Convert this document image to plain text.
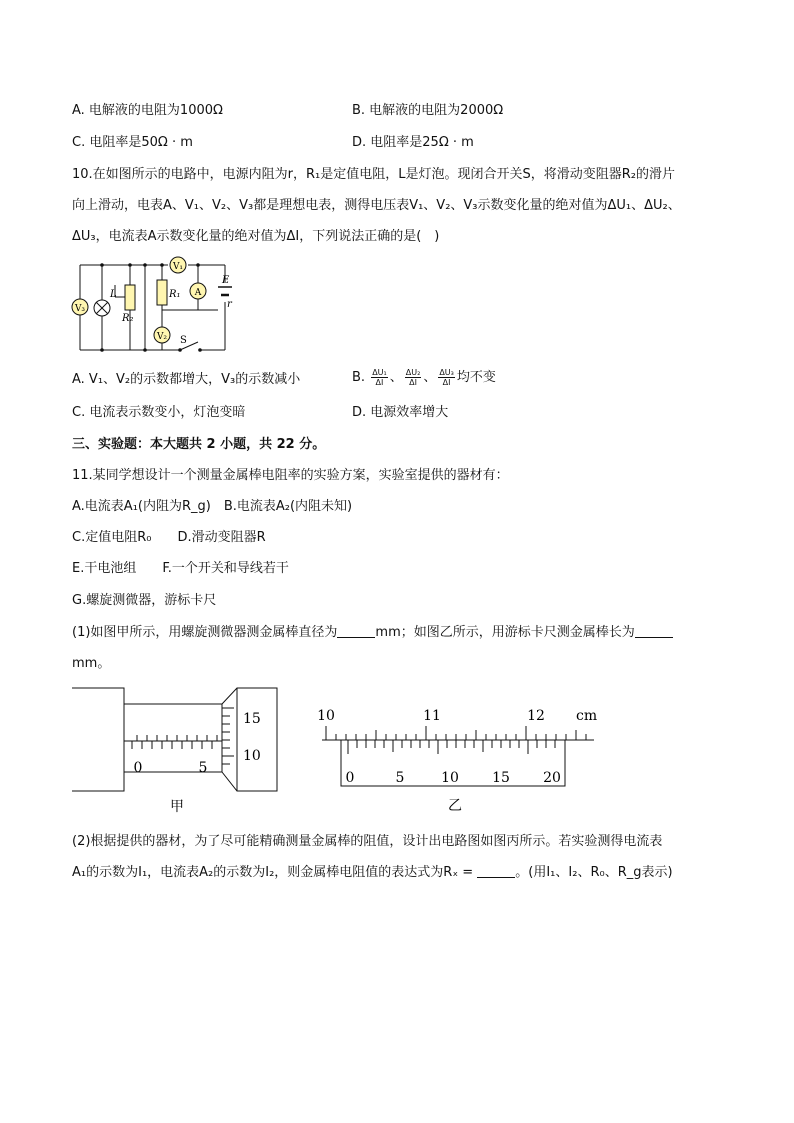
A. 电解液的电阻为1000Ω	B. 电解液的电阻为2000Ω
C. 电阻率是50Ω · m	D. 电阻率是25Ω · m
10.在如图所示的电路中，电源内阻为r，R₁是定值电阻，L是灯泡。现闭合开关S，将滑动变阻器R₂的滑片
向上滑动，电表A、V₁、V₂、V₃都是理想电表，测得电压表V₁、V₂、V₃示数变化量的绝对值为ΔU₁、ΔU₂、
ΔU₃，电流表A示数变化量的绝对值为ΔI，下列说法正确的是(　)
V₃
V₁
A
V₂
L
R₂
R₁
E
r
S
A. V₁、V₂的示数都增大，V₃的示数减小	B. $\frac{\text{ΔU₁}}{\Delta I}$ 、 $\frac{\text{ΔU₂}}{\Delta I}$ 、 $\frac{\text{ΔU₃}}{\Delta I}$ 均不变
C. 电流表示数变小，灯泡变暗	D. 电源效率增大
三、实验题：本大题共 2 小题，共 22 分。
11.某同学想设计一个测量金属棒电阻率的实验方案，实验室提供的器材有：
A.电流表A₁(内阻为R_g)　B.电流表A₂(内阻未知)
C.定值电阻R₀　　D.滑动变阻器R
E.干电池组　　F.一个开关和导线若干
G.螺旋测微器，游标卡尺
(1)如图甲所示，用螺旋测微器测金属棒直径为	mm；如图乙所示，用游标卡尺测金属棒长为
mm。
0	5
15
10
甲
10	11	12 cm
0	5	10 15 20
乙
(2)根据提供的器材，为了尽可能精确测量金属棒的阻值，设计出电路图如图丙所示。若实验测得电流表
A₁的示数为I₁，电流表A₂的示数为I₂，则金属棒电阻值的表达式为Rₓ =	。(用I₁、I₂、R₀、R_g表示)
